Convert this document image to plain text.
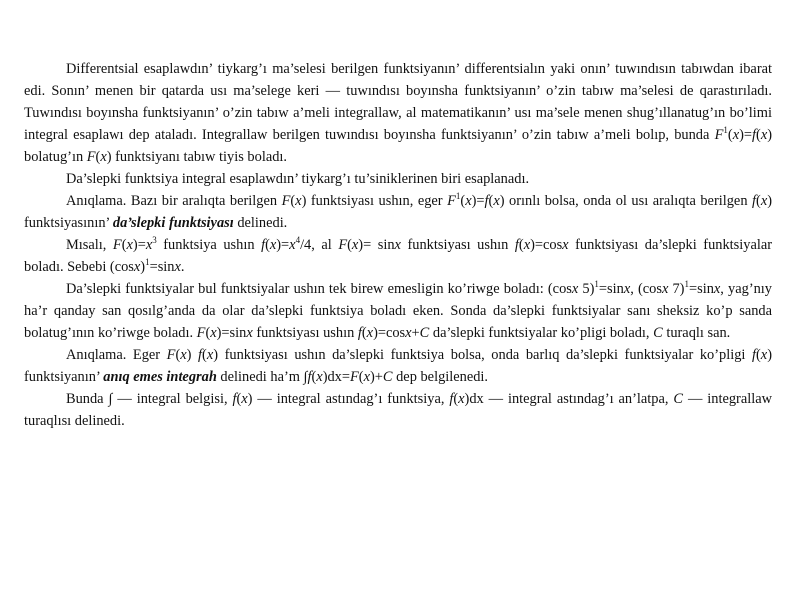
Differentsial esaplawdın’ tiykarg’ı ma’selesi berilgen funktsiyanın’ differentsialın yaki onın’ tuwındısın tabıwdan ibarat edi. Sonın’ menen bir qatarda usı ma’selege keri — tuwındısı boyınsha funktsiyanın’ o’zin tabıw ma’selesi de qarastırıladı. Tuwındısı boyınsha funktsiyanın’ o’zin tabıw a’meli integrallaw, al matematikanın’ usı ma’sele menen shug’ıllanatug’ın bo’limi integral esaplawı dep ataladı. Integrallaw berilgen tuwındısı boyınsha funktsiyanın’ o’zin tabıw a’meli bolıp, bunda $F^1(x)=f(x)$ bolatug’ın F(x) funktsiyanı tabıw tiyis boladı.

Da’slepki funktsiya integral esaplawdın’ tiykarg’ı tu’siniklerinen biri esaplanadı.

Anıqlama. Bazı bir aralıqta berilgen F(x) funktsiyası ushın, eger $F^1(x)=f(x)$ orınlı bolsa, onda ol usı aralıqta berilgen f(x) funktsiyasının’ da’slepki funktsiyası delinedi.

Mısalı, $F(x)=x^3$ funktsiya ushın $f(x)=x^4/4$, al F(x)= sinx funktsiyası ushın f(x)=cosx funktsiyası da’slepki funktsiyalar boladı. Sebebi $(\cos x)^1=\sin x$.

Da’slepki funktsiyalar bul funktsiyalar ushın tek birew emesligin ko’riwge boladı: (cosx 5)$^1$=sinx, (cosx 7)$^1$=sinx, yag’nıy ha’r qanday san qosılg’anda da olar da’slepki funktsiya boladı eken. Sonda da’slepki funktsiyalar sanı sheksiz ko’p sanda bolatug’ının ko’riwge boladı. F(x)=sinx funktsiyası ushın f(x)=cosx+C da’slepki funktsiyalar ko’pligi boladı, C turaqlı san.

Anıqlama. Eger F(x) f(x) funktsiyası ushın da’slepki funktsiya bolsa, onda barlıq da’slepki funktsiyalar ko’pligi f(x) funktsiyanın’ anıq emes integrah delinedi ha’m ∫f(x)dx=F(x)+C dep belgilenedi.

Bunda ∫ — integral belgisi, f(x) — integral astındag’ı funktsiya, f(x)dx — integral astındag’ı an’latpa, C — integrallaw turaqlısı delinedi.
